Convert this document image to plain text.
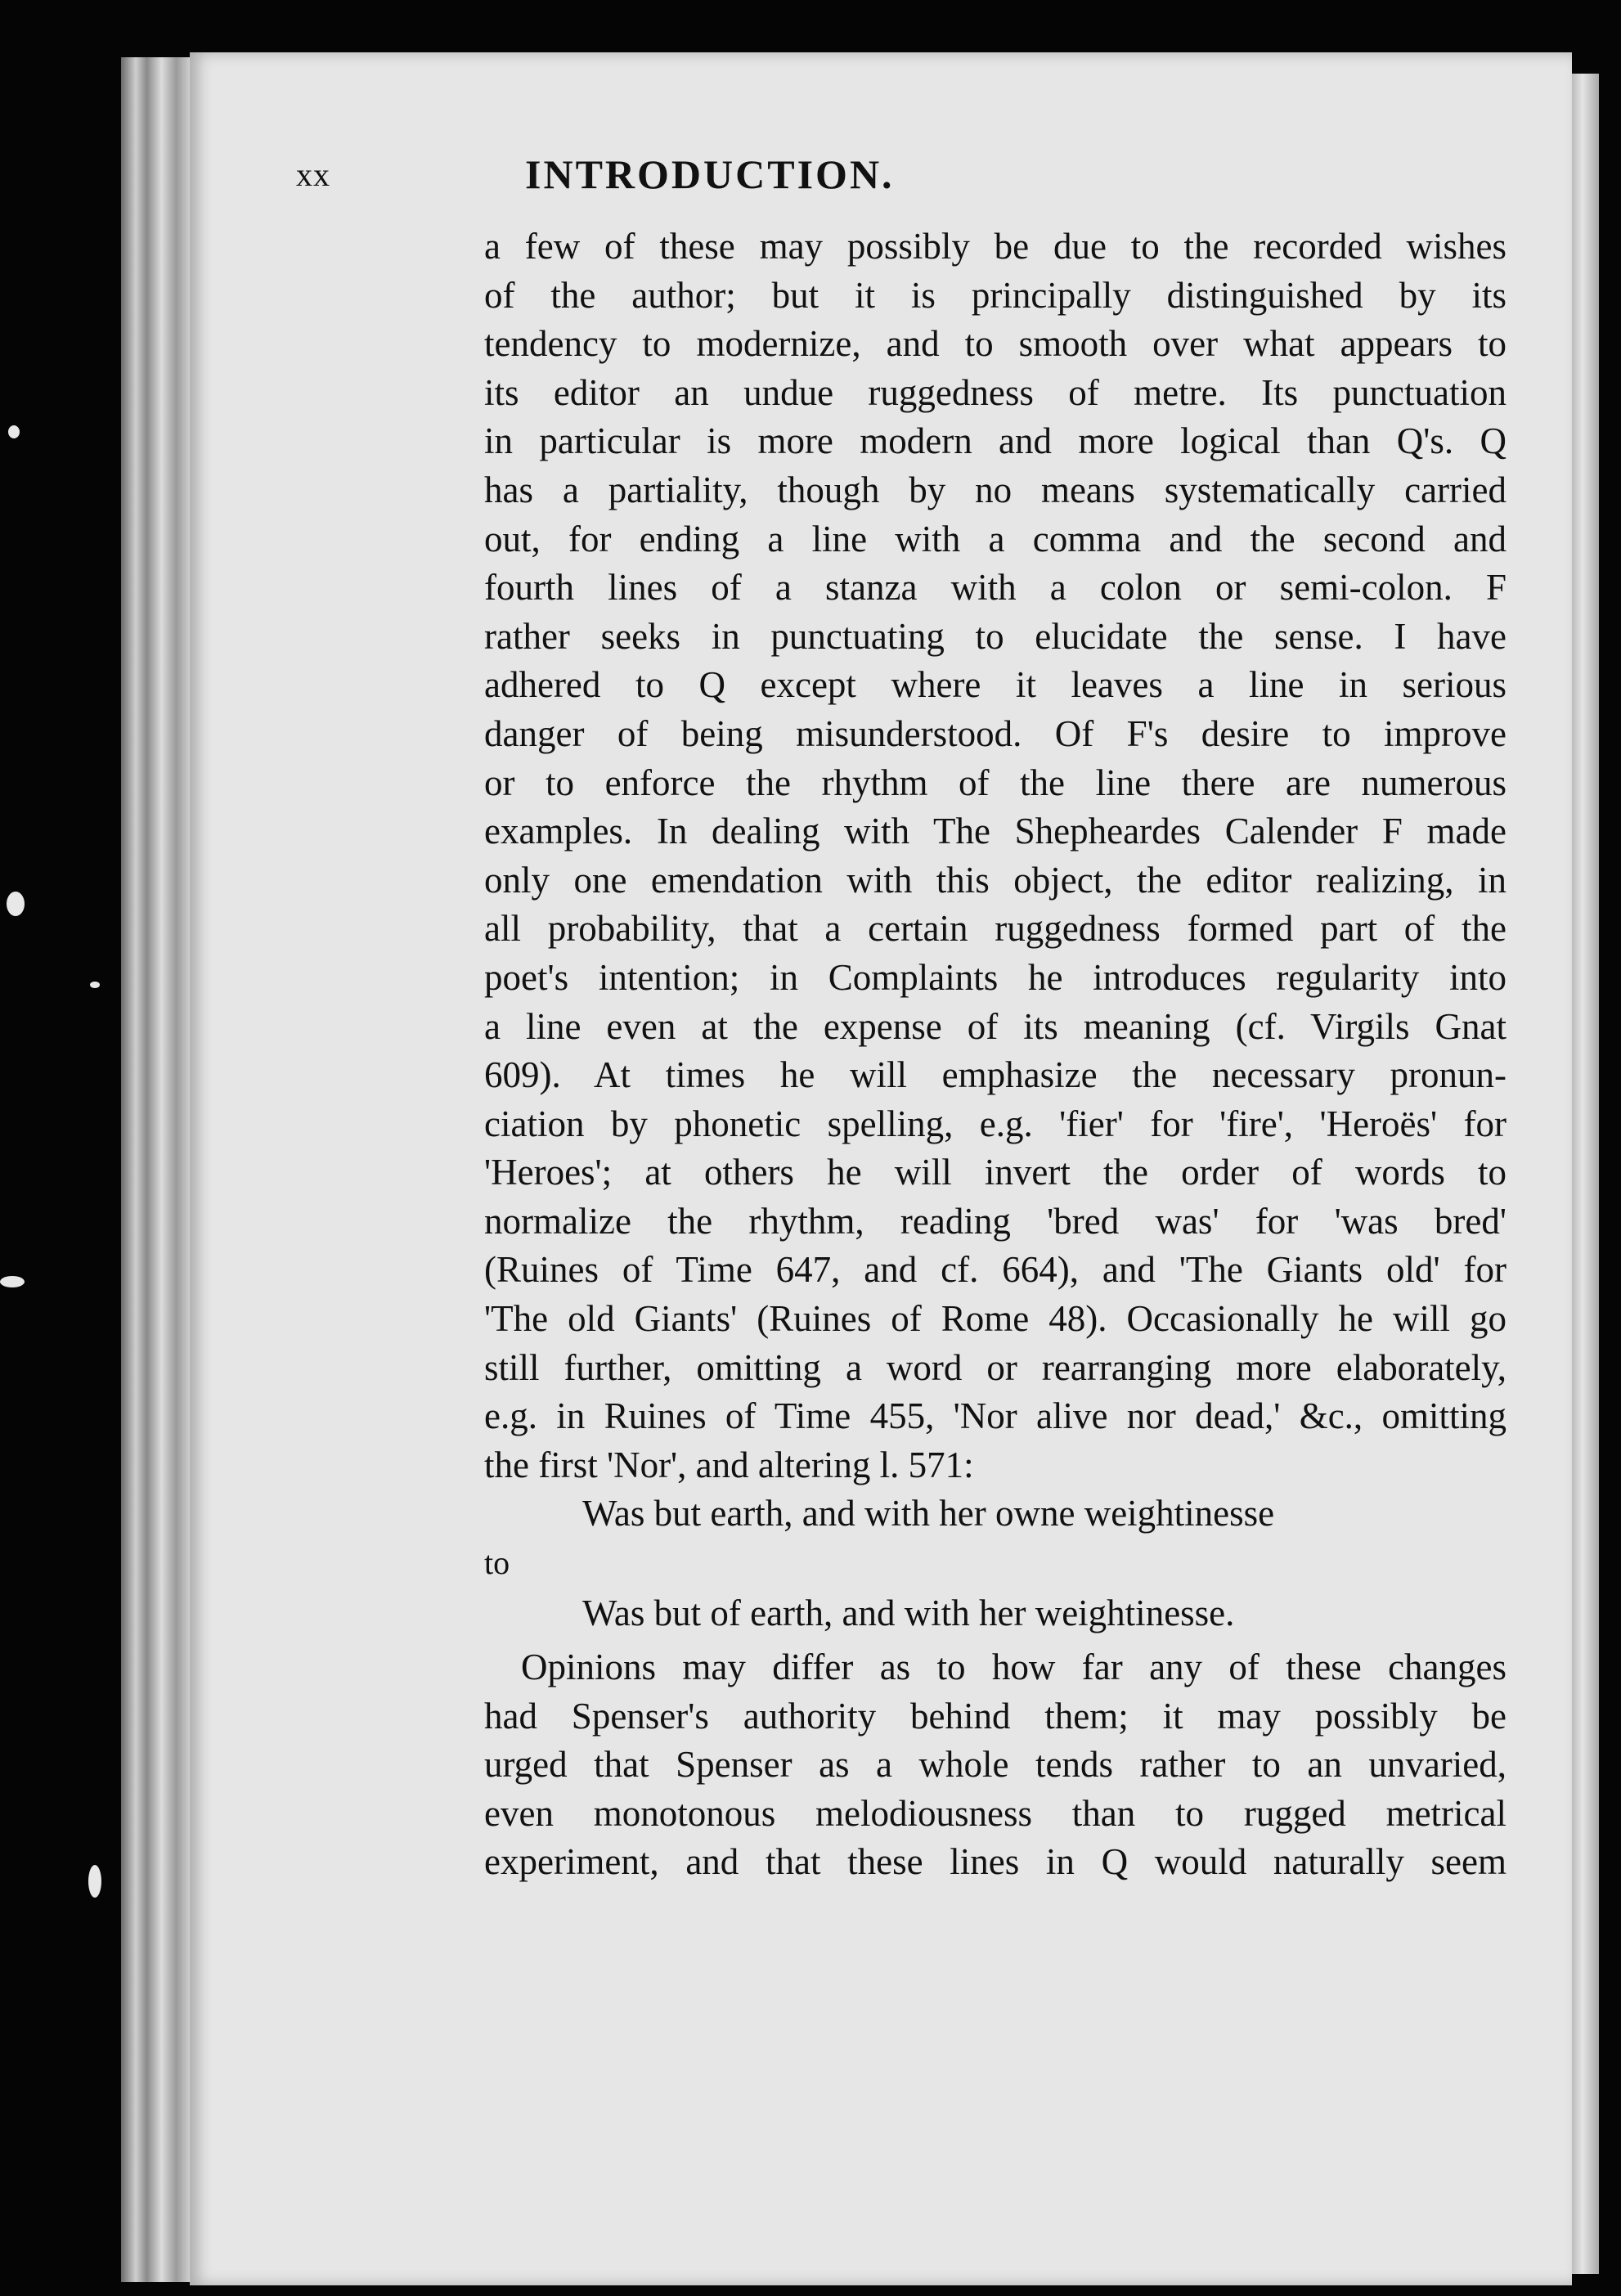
xx	INTRODUCTION.
a few of these may possibly be due to the recorded wishes
of the author; but it is principally distinguished by its
tendency to modernize, and to smooth over what appears to
its editor an undue ruggedness of metre. Its punctuation
in particular is more modern and more logical than Q's. Q
has a partiality, though by no means systematically carried
out, for ending a line with a comma and the second and
fourth lines of a stanza with a colon or semi-colon. F
rather seeks in punctuating to elucidate the sense. I have
adhered to Q except where it leaves a line in serious
danger of being misunderstood. Of F's desire to improve
or to enforce the rhythm of the line there are numerous
examples. In dealing with The Shepheardes Calender F made
only one emendation with this object, the editor realizing, in
all probability, that a certain ruggedness formed part of the
poet's intention; in Complaints he introduces regularity into
a line even at the expense of its meaning (cf. Virgils Gnat
609). At times he will emphasize the necessary pronun-
ciation by phonetic spelling, e.g. 'fier' for 'fire', 'Heroës' for
'Heroes'; at others he will invert the order of words to
normalize the rhythm, reading 'bred was' for 'was bred'
(Ruines of Time 647, and cf. 664), and 'The Giants old' for
'The old Giants' (Ruines of Rome 48). Occasionally he will go
still further, omitting a word or rearranging more elaborately,
e.g. in Ruines of Time 455, 'Nor alive nor dead,' &c., omitting
the first 'Nor', and altering l. 571:
Was but earth, and with her owne weightinesse
to
Was but of earth, and with her weightinesse.
Opinions may differ as to how far any of these changes
had Spenser's authority behind them; it may possibly be
urged that Spenser as a whole tends rather to an unvaried,
even monotonous melodiousness than to rugged metrical
experiment, and that these lines in Q would naturally seem
